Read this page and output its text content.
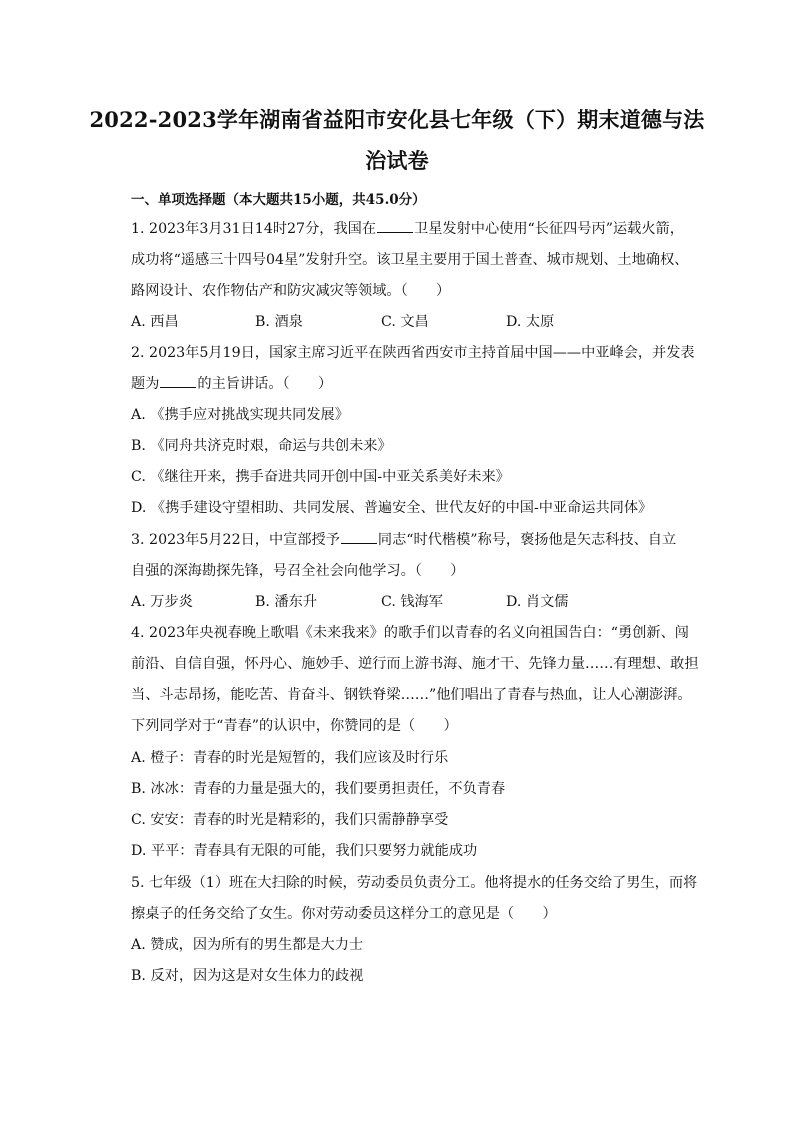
2022-2023学年湖南省益阳市安化县七年级（下）期末道德与法
治试卷
一、单项选择题（本大题共15小题，共45.0分）
1. 2023年3月31日14时27分，我国在	卫星发射中心使用“长征四号丙”运载火箭，
成功将“遥感三十四号04星”发射升空。该卫星主要用于国土普查、城市规划、土地确权、
路网设计、农作物估产和防灾减灾等领域。（　　）
A. 西昌	B. 酒泉	C. 文昌	D. 太原
2. 2023年5月19日，国家主席习近平在陕西省西安市主持首届中国——中亚峰会，并发表
题为	的主旨讲话。（　　）
A. 《携手应对挑战实现共同发展》
B. 《同舟共济克时艰，命运与共创未来》
C. 《继往开来，携手奋进共同开创中国-中亚关系美好未来》
D. 《携手建设守望相助、共同发展、普遍安全、世代友好的中国-中亚命运共同体》
3. 2023年5月22日，中宣部授予	同志“时代楷模”称号，褒扬他是矢志科技、自立
自强的深海勘探先锋，号召全社会向他学习。（　　）
A. 万步炎	B. 潘东升	C. 钱海军	D. 肖文儒
4. 2023年央视春晚上歌唱《未来我来》的歌手们以青春的名义向祖国告白：“勇创新、闯
前沿、自信自强，怀丹心、施妙手、逆行而上游书海、施才干、先锋力量……有理想、敢担
当、斗志昂扬，能吃苦、肯奋斗、钢铁脊梁……”他们唱出了青春与热血，让人心潮澎湃。
下列同学对于“青春”的认识中，你赞同的是（　　）
A. 橙子：青春的时光是短暂的，我们应该及时行乐
B. 冰冰：青春的力量是强大的，我们要勇担责任，不负青春
C. 安安：青春的时光是精彩的，我们只需静静享受
D. 平平：青春具有无限的可能，我们只要努力就能成功
5. 七年级（1）班在大扫除的时候，劳动委员负责分工。他将提水的任务交给了男生，而将
擦桌子的任务交给了女生。你对劳动委员这样分工的意见是（　　）
A. 赞成，因为所有的男生都是大力士
B. 反对，因为这是对女生体力的歧视
